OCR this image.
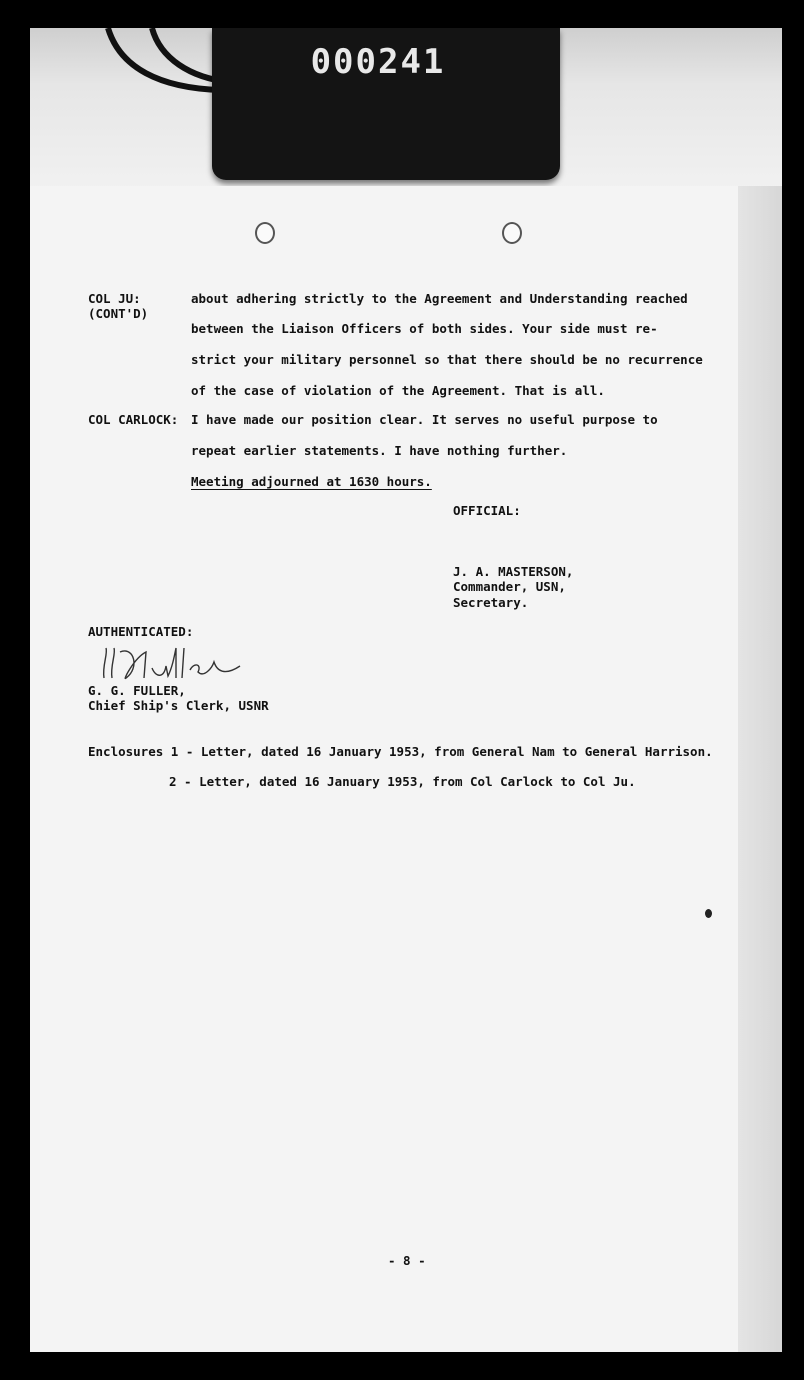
000241
COL JU:
(CONT'D)
about adhering strictly to the Agreement and Understanding reached
between the Liaison Officers of both sides. Your side must re-
strict your military personnel so that there should be no recurrence
of the case of violation of the Agreement. That is all.
COL CARLOCK: I have made our position clear. It serves no useful purpose to
repeat earlier statements. I have nothing further.
Meeting adjourned at 1630 hours.
OFFICIAL:
J. A. MASTERSON,
Commander, USN,
Secretary.
AUTHENTICATED:
G. G. FULLER,
Chief Ship's Clerk, USNR
Enclosures 1 - Letter, dated 16 January 1953, from General Nam to General Harrison.
2 - Letter, dated 16 January 1953, from Col Carlock to Col Ju.
- 8 -
